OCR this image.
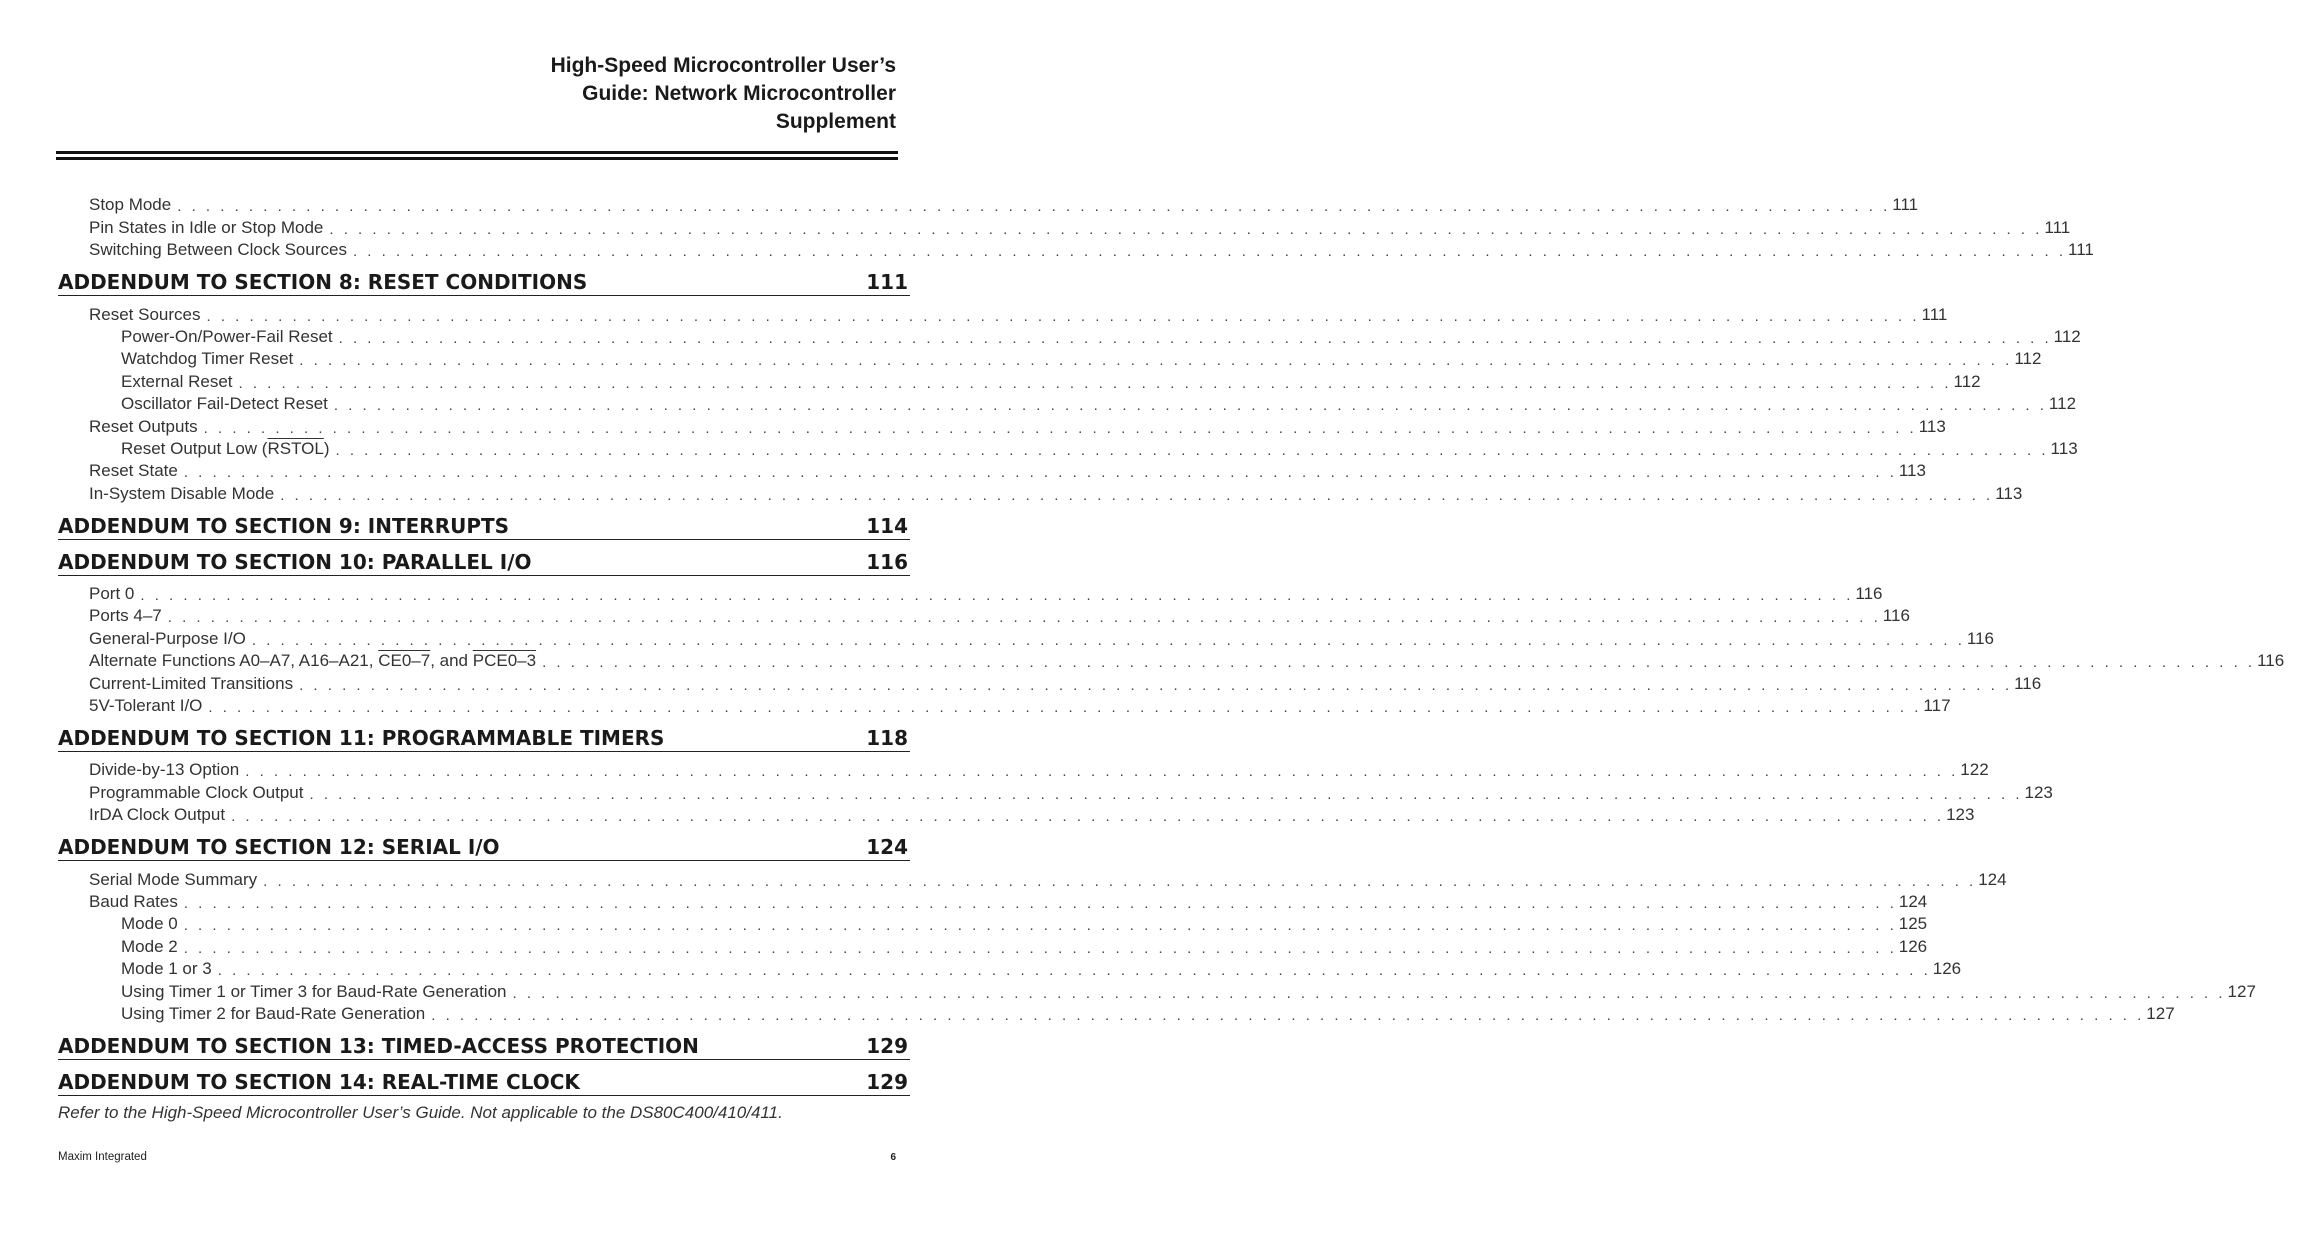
High-Speed Microcontroller User’s
Guide: Network Microcontroller
Supplement
Stop Mode . . . . . . . . . . . . . . . . . . . . . . . . . . . . . . . . . . . . . . . . . . . . . . . . . . . . . . . . . . . . . . . . . . . . . . . . . . . . . . . . . . . . . . . . . . . . . . . . . . . . . . . . . . . . . . . . . . . . . . . . 111
Pin States in Idle or Stop Mode . . . . . . . . . . . . . . . . . . . . . . . . . . . . . . . . . . . . . . . . . . . . . . . . . . . . . . . . . . . . . . . . . . . . . . . . . . . . . . . . . . . . . . . . . . . . . . . . . . . . . . . . . . . . . . . . . . . . . . . . 111
Switching Between Clock Sources . . . . . . . . . . . . . . . . . . . . . . . . . . . . . . . . . . . . . . . . . . . . . . . . . . . . . . . . . . . . . . . . . . . . . . . . . . . . . . . . . . . . . . . . . . . . . . . . . . . . . . . . . . . . . . . . . . . . . . . . 111
ADDENDUM TO SECTION 8: RESET CONDITIONS	111
Reset Sources . . . . . . . . . . . . . . . . . . . . . . . . . . . . . . . . . . . . . . . . . . . . . . . . . . . . . . . . . . . . . . . . . . . . . . . . . . . . . . . . . . . . . . . . . . . . . . . . . . . . . . . . . . . . . . . . . . . . . . . . 111
Power-On/Power-Fail Reset . . . . . . . . . . . . . . . . . . . . . . . . . . . . . . . . . . . . . . . . . . . . . . . . . . . . . . . . . . . . . . . . . . . . . . . . . . . . . . . . . . . . . . . . . . . . . . . . . . . . . . . . . . . . . . . . . . . . . . . . 112
Watchdog Timer Reset . . . . . . . . . . . . . . . . . . . . . . . . . . . . . . . . . . . . . . . . . . . . . . . . . . . . . . . . . . . . . . . . . . . . . . . . . . . . . . . . . . . . . . . . . . . . . . . . . . . . . . . . . . . . . . . . . . . . . . . . 112
External Reset . . . . . . . . . . . . . . . . . . . . . . . . . . . . . . . . . . . . . . . . . . . . . . . . . . . . . . . . . . . . . . . . . . . . . . . . . . . . . . . . . . . . . . . . . . . . . . . . . . . . . . . . . . . . . . . . . . . . . . . . 112
Oscillator Fail-Detect Reset . . . . . . . . . . . . . . . . . . . . . . . . . . . . . . . . . . . . . . . . . . . . . . . . . . . . . . . . . . . . . . . . . . . . . . . . . . . . . . . . . . . . . . . . . . . . . . . . . . . . . . . . . . . . . . . . . . . . . . . . 112
Reset Outputs . . . . . . . . . . . . . . . . . . . . . . . . . . . . . . . . . . . . . . . . . . . . . . . . . . . . . . . . . . . . . . . . . . . . . . . . . . . . . . . . . . . . . . . . . . . . . . . . . . . . . . . . . . . . . . . . . . . . . . . . 113
Reset Output Low (RSTOL) . . . . . . . . . . . . . . . . . . . . . . . . . . . . . . . . . . . . . . . . . . . . . . . . . . . . . . . . . . . . . . . . . . . . . . . . . . . . . . . . . . . . . . . . . . . . . . . . . . . . . . . . . . . . . . . . . . . . . . . . 113
Reset State . . . . . . . . . . . . . . . . . . . . . . . . . . . . . . . . . . . . . . . . . . . . . . . . . . . . . . . . . . . . . . . . . . . . . . . . . . . . . . . . . . . . . . . . . . . . . . . . . . . . . . . . . . . . . . . . . . . . . . . . 113
In-System Disable Mode . . . . . . . . . . . . . . . . . . . . . . . . . . . . . . . . . . . . . . . . . . . . . . . . . . . . . . . . . . . . . . . . . . . . . . . . . . . . . . . . . . . . . . . . . . . . . . . . . . . . . . . . . . . . . . . . . . . . . . . . 113
ADDENDUM TO SECTION 9: INTERRUPTS	114
ADDENDUM TO SECTION 10: PARALLEL I/O	116
Port 0 . . . . . . . . . . . . . . . . . . . . . . . . . . . . . . . . . . . . . . . . . . . . . . . . . . . . . . . . . . . . . . . . . . . . . . . . . . . . . . . . . . . . . . . . . . . . . . . . . . . . . . . . . . . . . . . . . . . . . . . . 116
Ports 4–7 . . . . . . . . . . . . . . . . . . . . . . . . . . . . . . . . . . . . . . . . . . . . . . . . . . . . . . . . . . . . . . . . . . . . . . . . . . . . . . . . . . . . . . . . . . . . . . . . . . . . . . . . . . . . . . . . . . . . . . . . 116
General-Purpose I/O . . . . . . . . . . . . . . . . . . . . . . . . . . . . . . . . . . . . . . . . . . . . . . . . . . . . . . . . . . . . . . . . . . . . . . . . . . . . . . . . . . . . . . . . . . . . . . . . . . . . . . . . . . . . . . . . . . . . . . . . 116
Alternate Functions A0–A7, A16–A21, CE0–7, and PCE0–3 . . . . . . . . . . . . . . . . . . . . . . . . . . . . . . . . . . . . . . . . . . . . . . . . . . . . . . . . . . . . . . . . . . . . . . . . . . . . . . . . . . . . . . . . . . . . . . . . . . . . . . . . . . . . . . . . . . . . . . . . 116
Current-Limited Transitions . . . . . . . . . . . . . . . . . . . . . . . . . . . . . . . . . . . . . . . . . . . . . . . . . . . . . . . . . . . . . . . . . . . . . . . . . . . . . . . . . . . . . . . . . . . . . . . . . . . . . . . . . . . . . . . . . . . . . . . . 116
5V-Tolerant I/O . . . . . . . . . . . . . . . . . . . . . . . . . . . . . . . . . . . . . . . . . . . . . . . . . . . . . . . . . . . . . . . . . . . . . . . . . . . . . . . . . . . . . . . . . . . . . . . . . . . . . . . . . . . . . . . . . . . . . . . . 117
ADDENDUM TO SECTION 11: PROGRAMMABLE TIMERS	118
Divide-by-13 Option . . . . . . . . . . . . . . . . . . . . . . . . . . . . . . . . . . . . . . . . . . . . . . . . . . . . . . . . . . . . . . . . . . . . . . . . . . . . . . . . . . . . . . . . . . . . . . . . . . . . . . . . . . . . . . . . . . . . . . . . 122
Programmable Clock Output . . . . . . . . . . . . . . . . . . . . . . . . . . . . . . . . . . . . . . . . . . . . . . . . . . . . . . . . . . . . . . . . . . . . . . . . . . . . . . . . . . . . . . . . . . . . . . . . . . . . . . . . . . . . . . . . . . . . . . . . 123
IrDA Clock Output . . . . . . . . . . . . . . . . . . . . . . . . . . . . . . . . . . . . . . . . . . . . . . . . . . . . . . . . . . . . . . . . . . . . . . . . . . . . . . . . . . . . . . . . . . . . . . . . . . . . . . . . . . . . . . . . . . . . . . . . 123
ADDENDUM TO SECTION 12: SERIAL I/O	124
Serial Mode Summary . . . . . . . . . . . . . . . . . . . . . . . . . . . . . . . . . . . . . . . . . . . . . . . . . . . . . . . . . . . . . . . . . . . . . . . . . . . . . . . . . . . . . . . . . . . . . . . . . . . . . . . . . . . . . . . . . . . . . . . . 124
Baud Rates . . . . . . . . . . . . . . . . . . . . . . . . . . . . . . . . . . . . . . . . . . . . . . . . . . . . . . . . . . . . . . . . . . . . . . . . . . . . . . . . . . . . . . . . . . . . . . . . . . . . . . . . . . . . . . . . . . . . . . . . 124
Mode 0 . . . . . . . . . . . . . . . . . . . . . . . . . . . . . . . . . . . . . . . . . . . . . . . . . . . . . . . . . . . . . . . . . . . . . . . . . . . . . . . . . . . . . . . . . . . . . . . . . . . . . . . . . . . . . . . . . . . . . . . . 125
Mode 2 . . . . . . . . . . . . . . . . . . . . . . . . . . . . . . . . . . . . . . . . . . . . . . . . . . . . . . . . . . . . . . . . . . . . . . . . . . . . . . . . . . . . . . . . . . . . . . . . . . . . . . . . . . . . . . . . . . . . . . . . 126
Mode 1 or 3 . . . . . . . . . . . . . . . . . . . . . . . . . . . . . . . . . . . . . . . . . . . . . . . . . . . . . . . . . . . . . . . . . . . . . . . . . . . . . . . . . . . . . . . . . . . . . . . . . . . . . . . . . . . . . . . . . . . . . . . . 126
Using Timer 1 or Timer 3 for Baud-Rate Generation . . . . . . . . . . . . . . . . . . . . . . . . . . . . . . . . . . . . . . . . . . . . . . . . . . . . . . . . . . . . . . . . . . . . . . . . . . . . . . . . . . . . . . . . . . . . . . . . . . . . . . . . . . . . . . . . . . . . . . . . 127
Using Timer 2 for Baud-Rate Generation . . . . . . . . . . . . . . . . . . . . . . . . . . . . . . . . . . . . . . . . . . . . . . . . . . . . . . . . . . . . . . . . . . . . . . . . . . . . . . . . . . . . . . . . . . . . . . . . . . . . . . . . . . . . . . . . . . . . . . . . 127
ADDENDUM TO SECTION 13: TIMED-ACCESS PROTECTION	129
ADDENDUM TO SECTION 14: REAL-TIME CLOCK	129
Refer to the High-Speed Microcontroller User’s Guide. Not applicable to the DS80C400/410/411.
Maxim Integrated	6
